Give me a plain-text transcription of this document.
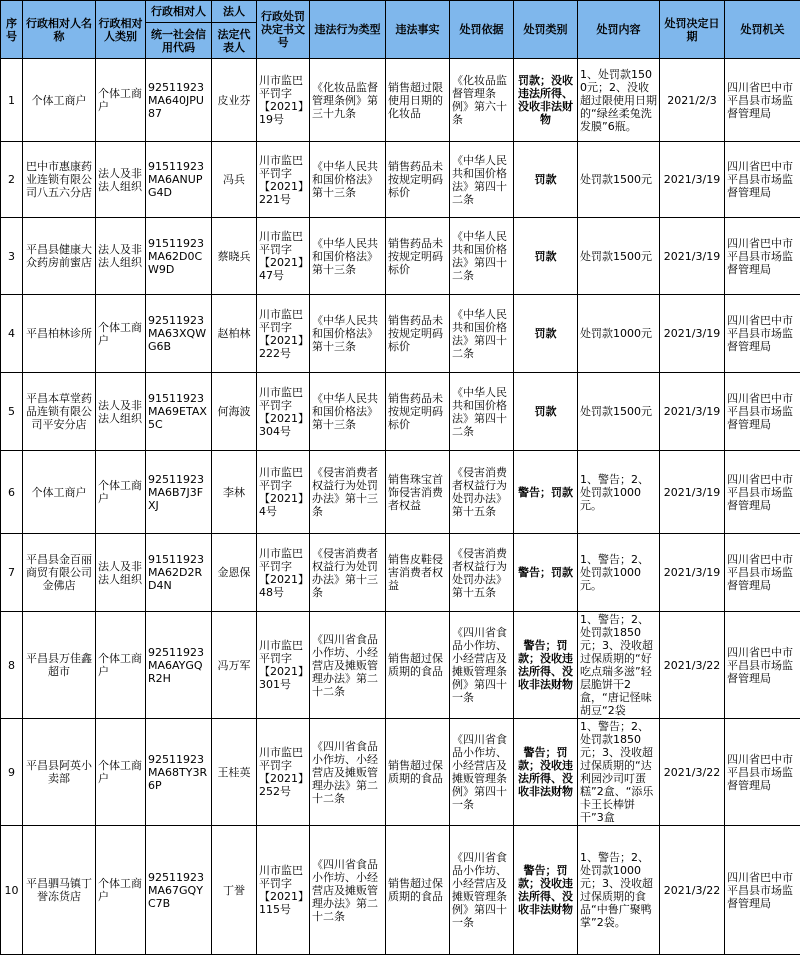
序号	行政相对人名称	行政相对人类别	行政相对人	法人	行政处罚决定书文号	违法行为类型	违法事实	处罚依据	处罚类别	处罚内容	处罚决定日期	处罚机关
			统一社会信用代码	法定代表人								
1	个体工商户	个体工商户	92511923MA640JPU87	皮业芬	川市监巴平罚字【2021】19号	《化妆品监督管理条例》第三十九条	销售超过限使用日期的化妆品	《化妆品监督管理条例》第六十条	罚款；没收违法所得、没收非法财物	1、处罚款1500元；2、没收超过限使用日期的“绿丝柔兔洗发膜”6瓶。	2021/2/3	四川省巴中市平昌县市场监督管理局
2	巴中市惠康药业连锁有限公司八五六分店	法人及非法人组织	91511923MA6ANUPG4D	冯兵	川市监巴平罚字【2021】221号	《中华人民共和国价格法》第十三条	销售药品未按规定明码标价	《中华人民共和国价格法》第四十二条	罚款	处罚款1500元	2021/3/19	四川省巴中市平昌县市场监督管理局
3	平昌县健康大众药房前蜜店	法人及非法人组织	91511923MA62D0CW9D	蔡晓兵	川市监巴平罚字【2021】47号	《中华人民共和国价格法》第十三条	销售药品未按规定明码标价	《中华人民共和国价格法》第四十二条	罚款	处罚款1500元	2021/3/19	四川省巴中市平昌县市场监督管理局
4	平昌柏林诊所	个体工商户	92511923MA63XQWG6B	赵柏林	川市监巴平罚字【2021】222号	《中华人民共和国价格法》第十三条	销售药品未按规定明码标价	《中华人民共和国价格法》第四十二条	罚款	处罚款1000元	2021/3/19	四川省巴中市平昌县市场监督管理局
5	平昌本草堂药品连锁有限公司平安分店	法人及非法人组织	91511923MA69ETAX5C	何海波	川市监巴平罚字【2021】304号	《中华人民共和国价格法》第十三条	销售药品未按规定明码标价	《中华人民共和国价格法》第四十二条	罚款	处罚款1500元	2021/3/19	四川省巴中市平昌县市场监督管理局
6	个体工商户	个体工商户	92511923MA6B7J3FXJ	李林	川市监巴平罚字【2021】4号	《侵害消费者权益行为处罚办法》第十三条	销售珠宝首饰侵害消费者权益	《侵害消费者权益行为处罚办法》第十五条	警告；罚款	1、警告；2、处罚款1000元。	2021/3/19	四川省巴中市平昌县市场监督管理局
7	平昌县金百丽商贸有限公司金佛店	法人及非法人组织	91511923MA62D2RD4N	金恩保	川市监巴平罚字【2021】48号	《侵害消费者权益行为处罚办法》第十三条	销售皮鞋侵害消费者权益	《侵害消费者权益行为处罚办法》第十五条	警告；罚款	1、警告；2、处罚款1000元。	2021/3/19	四川省巴中市平昌县市场监督管理局
8	平昌县万佳鑫超市	个体工商户	92511923MA6AYGQR2H	冯万军	川市监巴平罚字【2021】301号	《四川省食品小作坊、小经营店及摊贩管理办法》第二十二条	销售超过保质期的食品	《四川省食品小作坊、小经营店及摊贩管理条例》第四十一条	警告；罚款；没收违法所得、没收非法财物	1、警告；2、处罚款1850元；3、没收超过保质期的“好吃点瑞多滋”轻层脆饼干2盒，“唐记怪味胡豆“2袋	2021/3/22	四川省巴中市平昌县市场监督管理局
9	平昌县阿英小卖部	个体工商户	92511923MA68TY3R6P	王桂英	川市监巴平罚字【2021】252号	《四川省食品小作坊、小经营店及摊贩管理办法》第二十二条	销售超过保质期的食品	《四川省食品小作坊、小经营店及摊贩管理条例》第四十一条	警告；罚款；没收违法所得、没收非法财物	1、警告；2、处罚款1850元；3、没收超过保质期的“达利园沙司叮蛋糕”2盒、“添乐卡王长棒饼干”3盒	2021/3/22	四川省巴中市平昌县市场监督管理局
10	平昌驷马镇丁誉冻货店	个体工商户	92511923MA67GQYC7B	丁誉	川市监巴平罚字【2021】115号	《四川省食品小作坊、小经营店及摊贩管理办法》第二十二条	销售超过保质期的食品	《四川省食品小作坊、小经营店及摊贩管理条例》第四十一条	警告；罚款；没收违法所得、没收非法财物	1、警告；2、处罚款1000元；3、没收超过保质期的食品“中鲁广聚鸭掌”2袋。	2021/3/22	四川省巴中市平昌县市场监督管理局
